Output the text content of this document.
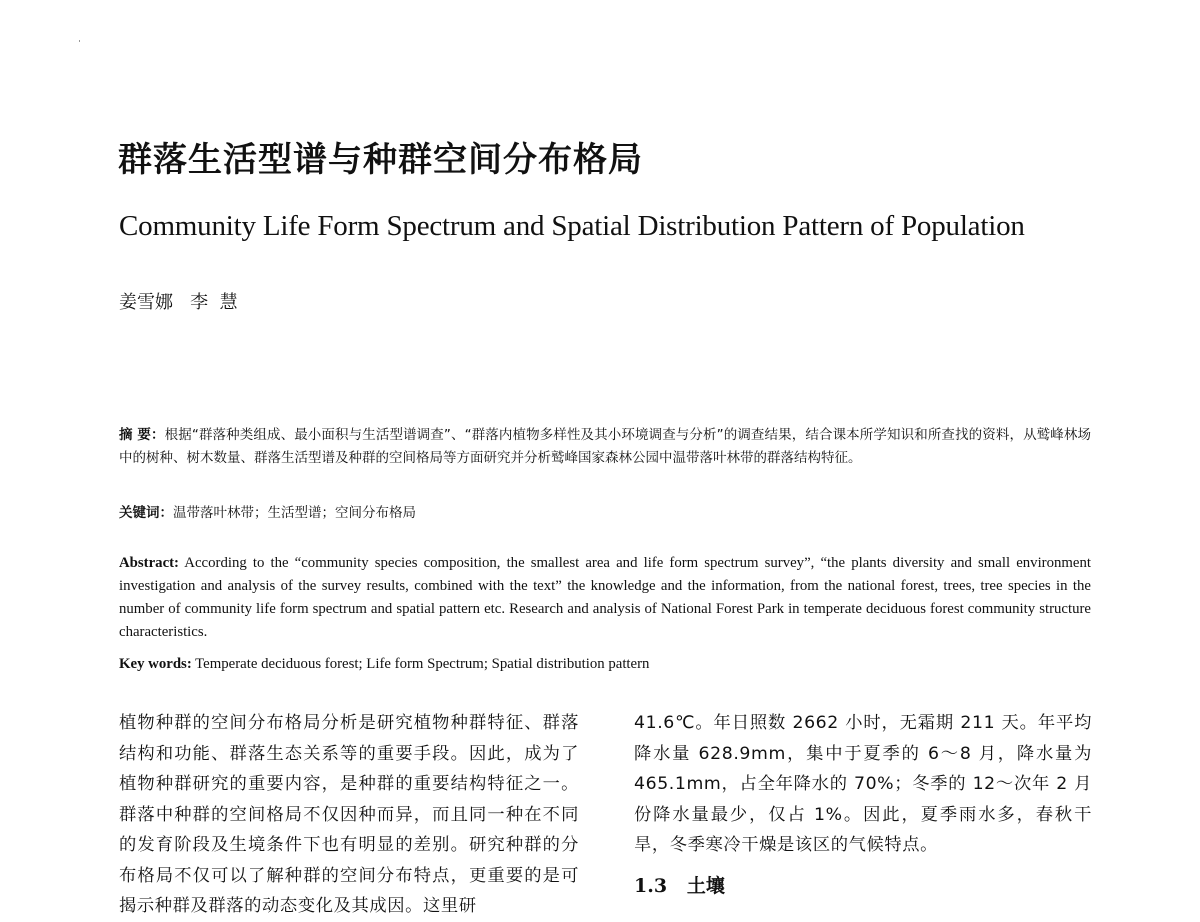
群落生活型谱与种群空间分布格局
Community Life Form Spectrum and Spatial Distribution Pattern of Population
姜雪娜 李  慧
摘 要：根据“群落种类组成、最小面积与生活型谱调查”、“群落内植物多样性及其小环境调查与分析”的调查结果，结合课本所学知识和所查找的资料，从鹫峰林场中的树种、树木数量、群落生活型谱及种群的空间格局等方面研究并分析鹫峰国家森林公园中温带落叶林带的群落结构特征。
关键词：温带落叶林带；生活型谱；空间分布格局
Abstract: According to the “community species composition, the smallest area and life form spectrum survey”, “the plants diversity and small environment investigation and analysis of the survey results, combined with the text” the knowledge and the information, from the national forest, trees, tree species in the number of community life form spectrum and spatial pattern etc. Research and analysis of National Forest Park in temperate deciduous forest community structure characteristics.
Key words: Temperate deciduous forest; Life form Spectrum; Spatial distribution pattern
植物种群的空间分布格局分析是研究植物种群特征、群落结构和功能、群落生态关系等的重要手段。因此，成为了植物种群研究的重要内容，是种群的重要结构特征之一。群落中种群的空间格局不仅因种而异，而且同一种在不同的发育阶段及生境条件下也有明显的差别。研究种群的分布格局不仅可以了解种群的空间分布特点，更重要的是可揭示种群及群落的动态变化及其成因。这里研
41.6℃。年日照数 2662 小时，无霜期 211 天。年平均降水量 628.9mm，集中于夏季的 6～8 月，降水量为 465.1mm，占全年降水的 70%；冬季的 12～次年 2 月份降水量最少，仅占 1%。因此，夏季雨水多，春秋干旱，冬季寒冷干燥是该区的气候特点。
1.3 土壤
